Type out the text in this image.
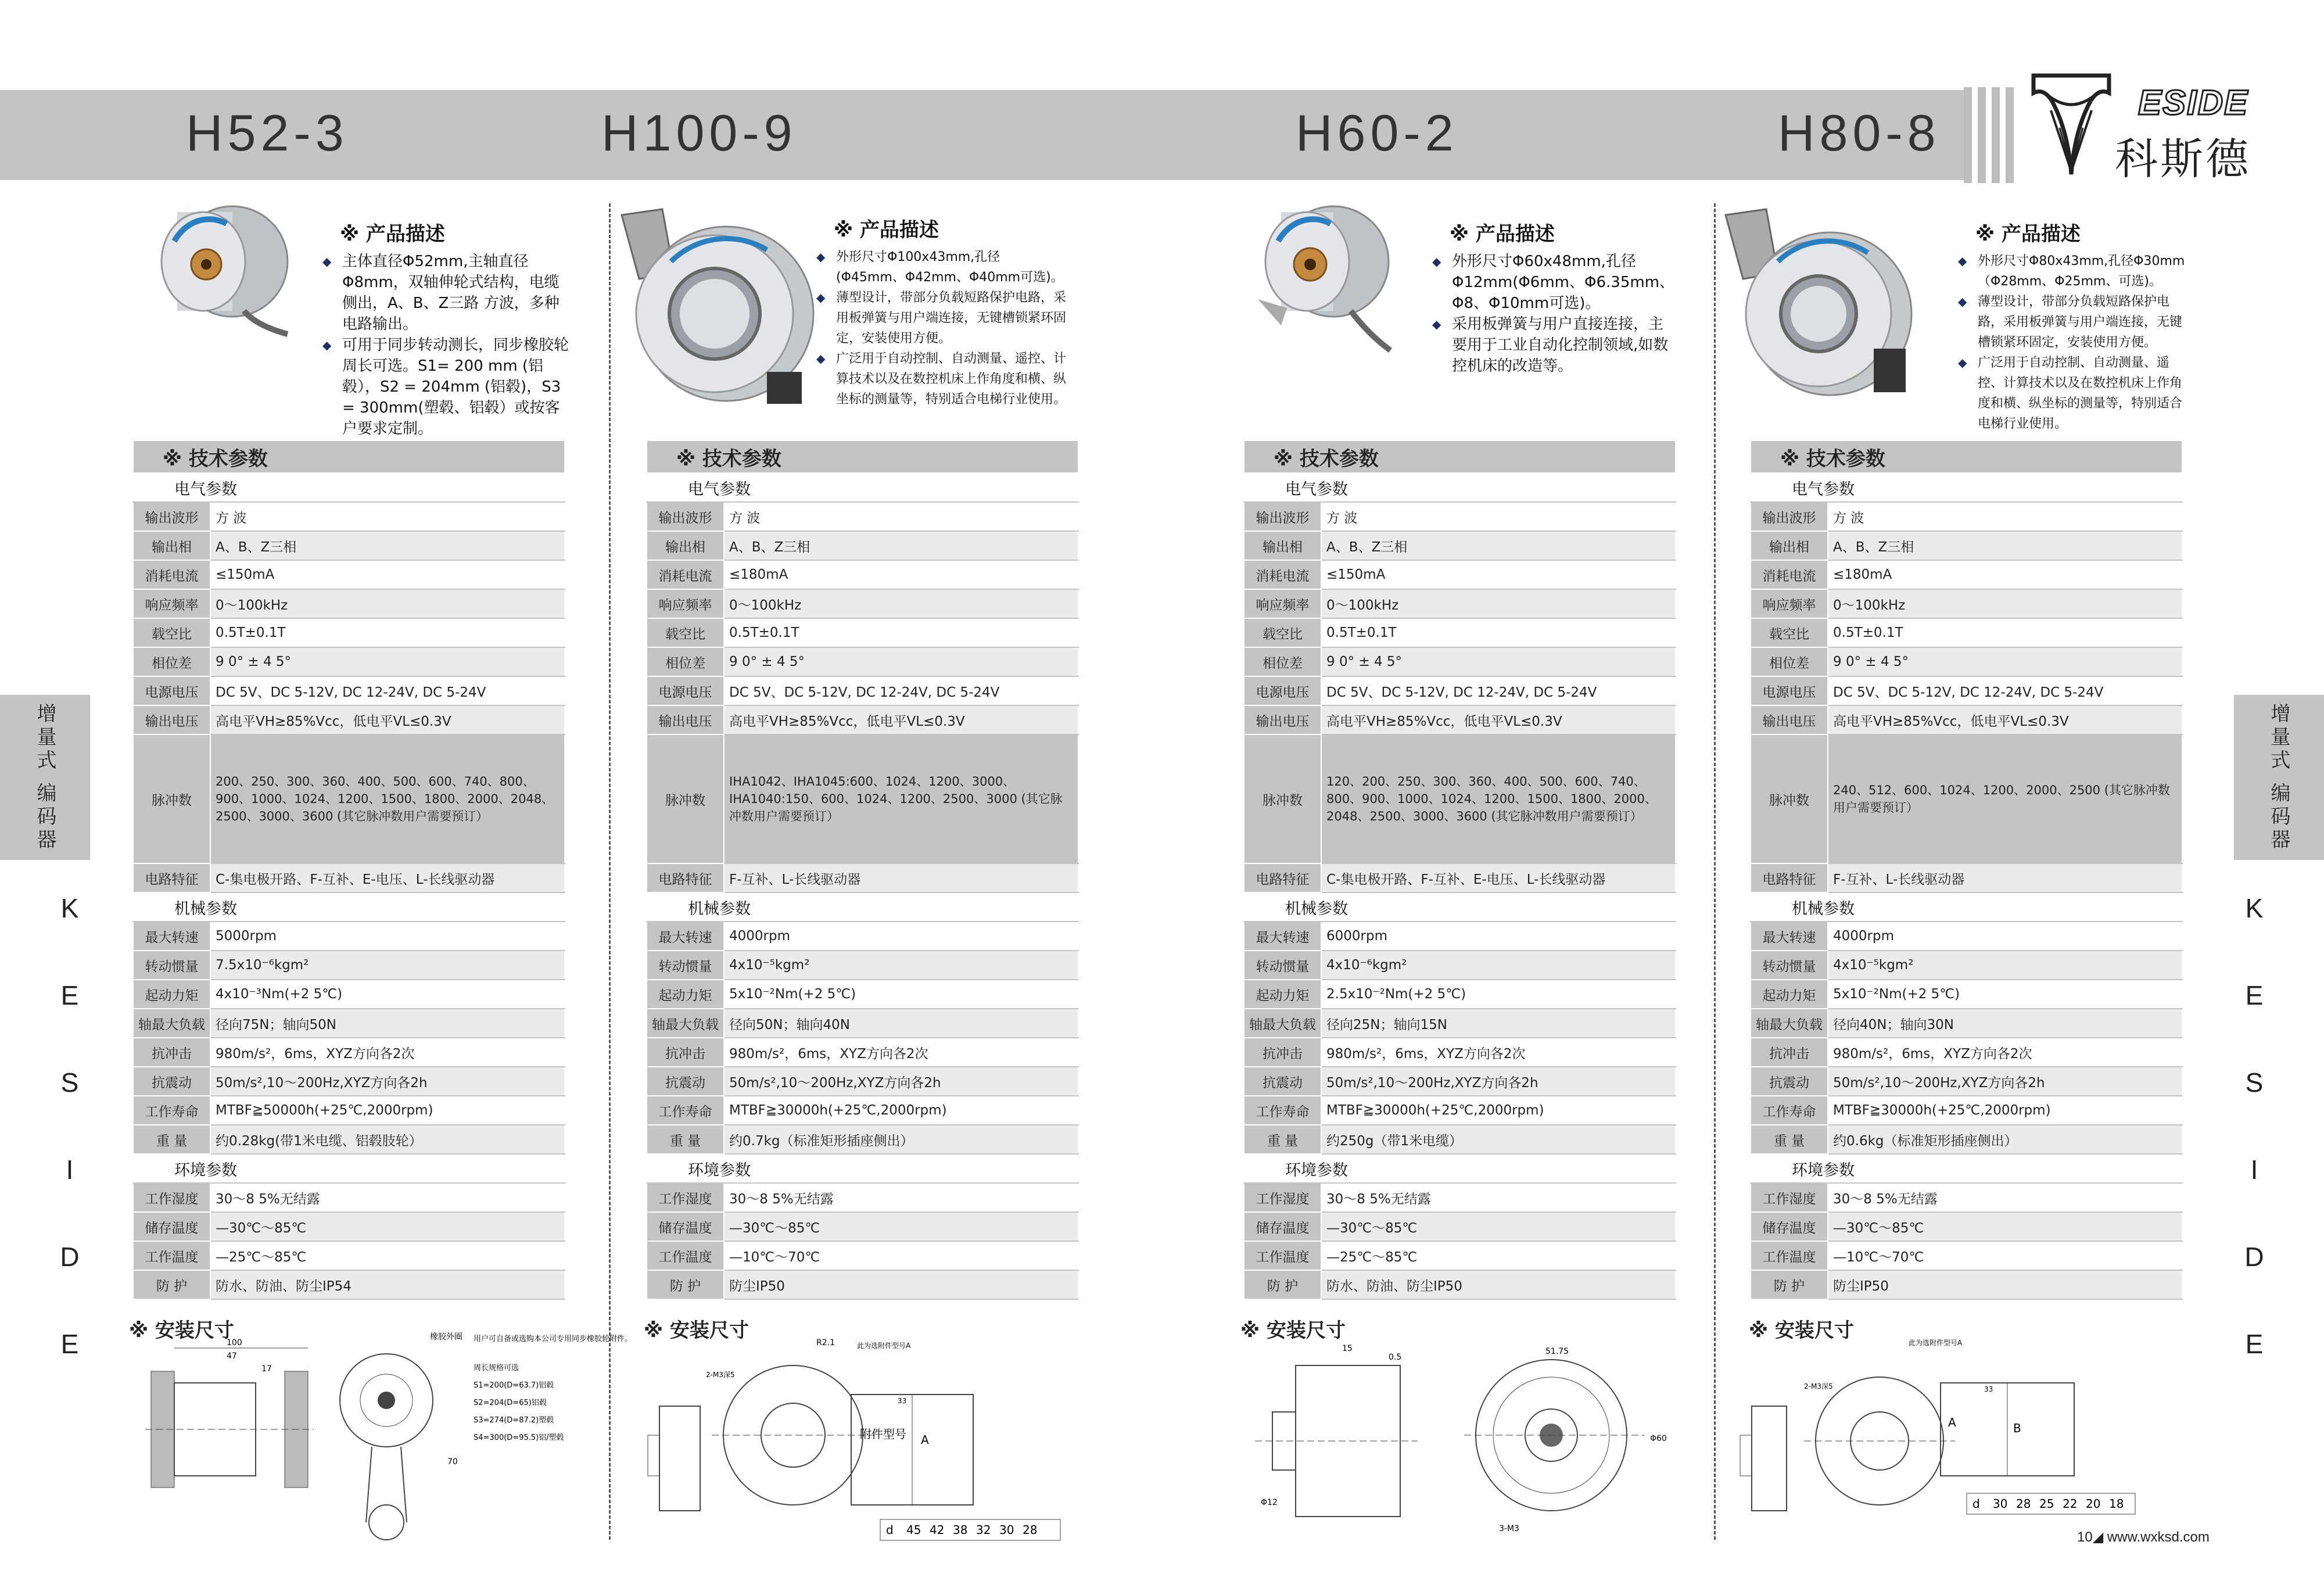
H52-3	H100-9	H60-2	H80-8
ESIDE
科斯德
增量式 编码器	增量式 编码器
K
E
S
I
D
E
K
E
S
I
D
E
※ 产品描述
◆ 主体直径Φ52mm,主轴直径Φ8mm，双轴伸轮式结构，电缆侧出，A、B、Z三路 方波，多种电路输出。
◆ 可用于同步转动测长，同步橡胶轮周长可选。S1= 200 mm (铝毂），S2 = 204mm (铝毂)，S3 = 300mm(塑毂、铝毂）或按客户要求定制。
※ 产品描述
◆ 外形尺寸Φ100x43mm,孔径(Φ45mm、Φ42mm、Φ40mm可选)。
◆ 薄型设计，带部分负载短路保护电路，采用板弹簧与用户端连接，无键槽锁紧环固定，安装使用方便。
◆ 广泛用于自动控制、自动测量、遥控、计算技术以及在数控机床上作角度和横、纵坐标的测量等，特别适合电梯行业使用。
※ 产品描述
◆ 外形尺寸Φ60x48mm,孔径Φ12mm(Φ6mm、Φ6.35mm、Φ8、Φ10mm可选)。
◆ 采用板弹簧与用户直接连接，主要用于工业自动化控制领域,如数控机床的改造等。
※ 产品描述
◆ 外形尺寸Φ80x43mm,孔径Φ30mm（Φ28mm、Φ25mm、可选)。
◆ 薄型设计，带部分负载短路保护电路，采用板弹簧与用户端连接，无键槽锁紧环固定，安装使用方便。
◆ 广泛用于自动控制、自动测量、遥控、计算技术以及在数控机床上作角度和横、纵坐标的测量等，特别适合电梯行业使用。
※ 技术参数	
电气参数	
输出波形	方 波
输出相	A、B、Z三相
消耗电流	≤150mA
响应频率	0～100kHz
载空比	0.5T±0.1T
相位差	9 0° ± 4 5°
电源电压	DC 5V、DC 5-12V, DC 12-24V, DC 5-24V
输出电压	高电平VH≥85%Vcc，低电平VL≤0.3V
脉冲数	200、250、300、360、400、500、600、740、800、900、1000、1024、1200、1500、1800、2000、2048、2500、3000、3600 (其它脉冲数用户需要预订）
电路特征	C-集电极开路、F-互补、E-电压、L-长线驱动器
机械参数	
最大转速	5000rpm
转动惯量	7.5x10⁻⁶kgm²
起动力矩	4x10⁻³Nm(+2 5℃)
轴最大负载	径向75N；轴向50N
抗冲击	980m/s²，6ms，XYZ方向各2次
抗震动	50m/s²,10～200Hz,XYZ方向各2h
工作寿命	MTBF≧50000h(+25℃,2000rpm)
重 量	约0.28kg(带1米电缆、铝毂肢轮）
环境参数	
工作湿度	30～8 5%无结露
储存温度	—30℃～85℃
工作温度	—25℃～85℃
防 护	防水、防油、防尘IP54
※ 技术参数	
电气参数	
输出波形	方 波
输出相	A、B、Z三相
消耗电流	≤180mA
响应频率	0～100kHz
载空比	0.5T±0.1T
相位差	9 0° ± 4 5°
电源电压	DC 5V、DC 5-12V, DC 12-24V, DC 5-24V
输出电压	高电平VH≥85%Vcc，低电平VL≤0.3V
脉冲数	IHA1042、IHA1045:600、1024、1200、3000、IHA1040:150、600、1024、1200、2500、3000 (其它脉冲数用户需要预订）
电路特征	F-互补、L-长线驱动器
机械参数	
最大转速	4000rpm
转动惯量	4x10⁻⁵kgm²
起动力矩	5x10⁻²Nm(+2 5℃)
轴最大负载	径向50N；轴向40N
抗冲击	980m/s²，6ms，XYZ方向各2次
抗震动	50m/s²,10～200Hz,XYZ方向各2h
工作寿命	MTBF≧30000h(+25℃,2000rpm)
重 量	约0.7kg（标准矩形插座侧出）
环境参数	
工作湿度	30～8 5%无结露
储存温度	—30℃～85℃
工作温度	—10℃～70℃
防 护	防尘IP50
※ 技术参数	
电气参数	
输出波形	方 波
输出相	A、B、Z三相
消耗电流	≤150mA
响应频率	0～100kHz
载空比	0.5T±0.1T
相位差	9 0° ± 4 5°
电源电压	DC 5V、DC 5-12V, DC 12-24V, DC 5-24V
输出电压	高电平VH≥85%Vcc，低电平VL≤0.3V
脉冲数	120、200、250、300、360、400、500、600、740、800、900、1000、1024、1200、1500、1800、2000、2048、2500、3000、3600 (其它脉冲数用户需要预订）
电路特征	C-集电极开路、F-互补、E-电压、L-长线驱动器
机械参数	
最大转速	6000rpm
转动惯量	4x10⁻⁶kgm²
起动力矩	2.5x10⁻²Nm(+2 5℃)
轴最大负载	径向25N；轴向15N
抗冲击	980m/s²，6ms，XYZ方向各2次
抗震动	50m/s²,10～200Hz,XYZ方向各2h
工作寿命	MTBF≧30000h(+25℃,2000rpm)
重 量	约250g（带1米电缆）
环境参数	
工作湿度	30～8 5%无结露
储存温度	—30℃～85℃
工作温度	—25℃～85℃
防 护	防水、防油、防尘IP50
※ 技术参数	
电气参数	
输出波形	方 波
输出相	A、B、Z三相
消耗电流	≤180mA
响应频率	0～100kHz
载空比	0.5T±0.1T
相位差	9 0° ± 4 5°
电源电压	DC 5V、DC 5-12V, DC 12-24V, DC 5-24V
输出电压	高电平VH≥85%Vcc，低电平VL≤0.3V
脉冲数	240、512、600、1024、1200、2000、2500 (其它脉冲数用户需要预订）
电路特征	F-互补、L-长线驱动器
机械参数	
最大转速	4000rpm
转动惯量	4x10⁻⁵kgm²
起动力矩	5x10⁻²Nm(+2 5℃)
轴最大负载	径向40N；轴向30N
抗冲击	980m/s²，6ms，XYZ方向各2次
抗震动	50m/s²,10～200Hz,XYZ方向各2h
工作寿命	MTBF≧30000h(+25℃,2000rpm)
重 量	约0.6kg（标准矩形插座侧出）
环境参数	
工作湿度	30～8 5%无结露
储存温度	—30℃～85℃
工作温度	—10℃～70℃
防 护	防尘IP50
※ 安装尺寸	※ 安装尺寸	※ 安装尺寸	※ 安装尺寸
100
47
17
橡胶外圈 用户可自备或选购本公司专用同步橡胶轮附件。
周长规格可选
S1=200(D=63.7)铝毂
S2=204(D=65)铝毂
S3=274(D=87.2)塑毂
S4=300(D=95.5)铝/塑毂
70
R2.1	此为选附件型号A
2-M3深5
33
附件型号 A
d 45 42 38 32 30 28
15
0.5
51.75
Φ60
Φ12
3-M3
此为选附件型号A
2-M3深5	33
A	B
d 30 28 25 22 20 18
10◢ www.wxksd.com
